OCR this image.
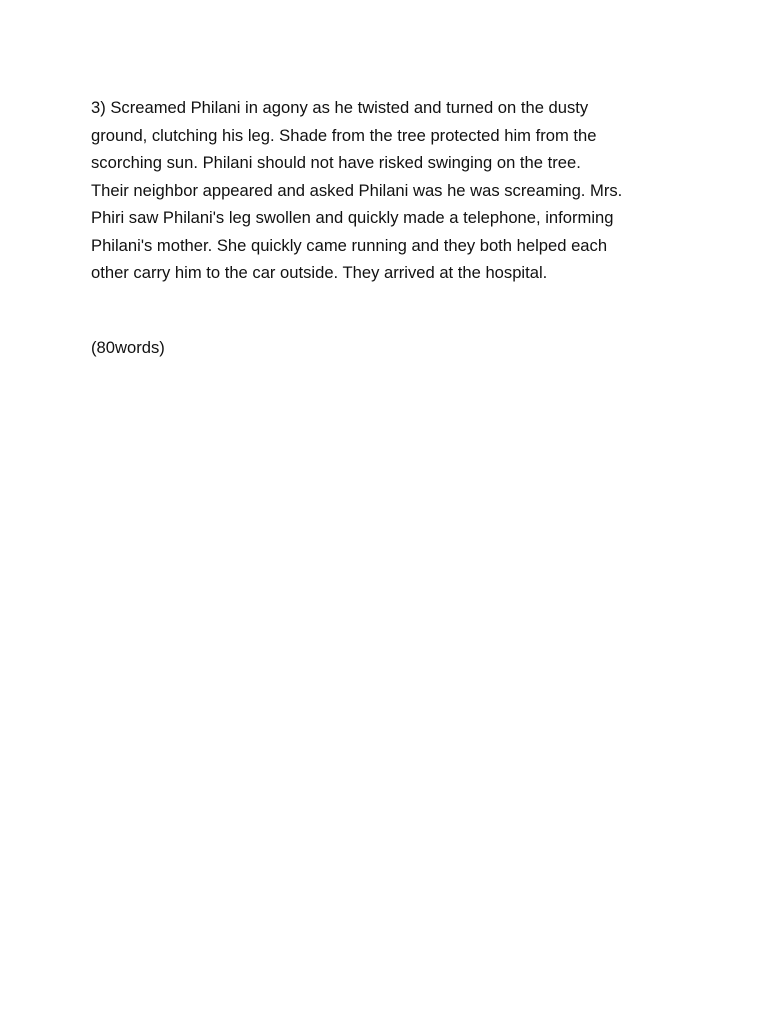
3) Screamed Philani in agony as he twisted and turned on the dusty
ground, clutching his leg. Shade from the tree protected him from the
scorching sun. Philani should not have risked swinging on the tree.
Their neighbor appeared and asked Philani was he was screaming. Mrs.
Phiri saw Philani's leg swollen and quickly made a telephone, informing
Philani's mother. She quickly came running and they both helped each
other carry him to the car outside. They arrived at the hospital.
(80words)
